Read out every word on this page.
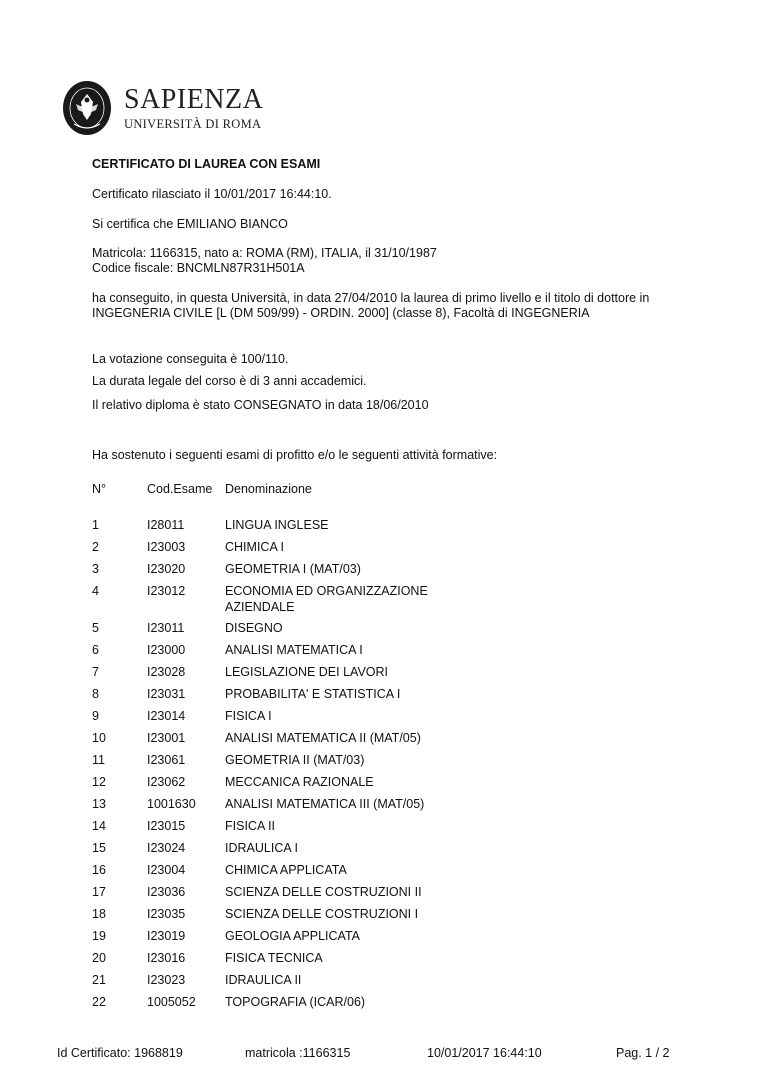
SAPIENZA
UNIVERSITÀ DI ROMA

CERTIFICATO DI LAUREA CON ESAMI

Certificato rilasciato il 10/01/2017 16:44:10.

Si certifica che EMILIANO BIANCO

Matricola: 1166315, nato a: ROMA (RM), ITALIA, il 31/10/1987

Codice fiscale: BNCMLN87R31H501A

ha conseguito, in questa Università, in data 27/04/2010 la laurea di primo livello e il titolo di dottore in

INGEGNERIA CIVILE [L (DM 509/99) - ORDIN. 2000] (classe 8), Facoltà di INGEGNERIA

La votazione conseguita è 100/110.

La durata legale del corso è di 3 anni accademici.

Il relativo diploma è stato CONSEGNATO in data 18/06/2010

Ha sostenuto i seguenti esami di profitto e/o le seguenti attività formative:

N°	Cod.Esame Denominazione
1	I28011	LINGUA INGLESE
2	I23003	CHIMICA I
3	I23020	GEOMETRIA I (MAT/03)
4	I23012	ECONOMIA ED ORGANIZZAZIONE AZIENDALE
5	I23011	DISEGNO
6	I23000	ANALISI MATEMATICA I
7	I23028	LEGISLAZIONE DEI LAVORI
8	I23031	PROBABILITA' E STATISTICA I
9	I23014	FISICA I
10	I23001	ANALISI MATEMATICA II (MAT/05)
11	I23061	GEOMETRIA II (MAT/03)
12	I23062	MECCANICA RAZIONALE
13	1001630 ANALISI MATEMATICA III (MAT/05)
14	I23015	FISICA II
15	I23024	IDRAULICA I
16	I23004	CHIMICA APPLICATA
17	I23036	SCIENZA DELLE COSTRUZIONI II
18	I23035	SCIENZA DELLE COSTRUZIONI I
19	I23019	GEOLOGIA APPLICATA
20	I23016	FISICA TECNICA
21	I23023	IDRAULICA II
22	1005052 TOPOGRAFIA (ICAR/06)
Id Certificato: 1968819	matricola :1166315	10/01/2017 16:44:10	Pag. 1 / 2
